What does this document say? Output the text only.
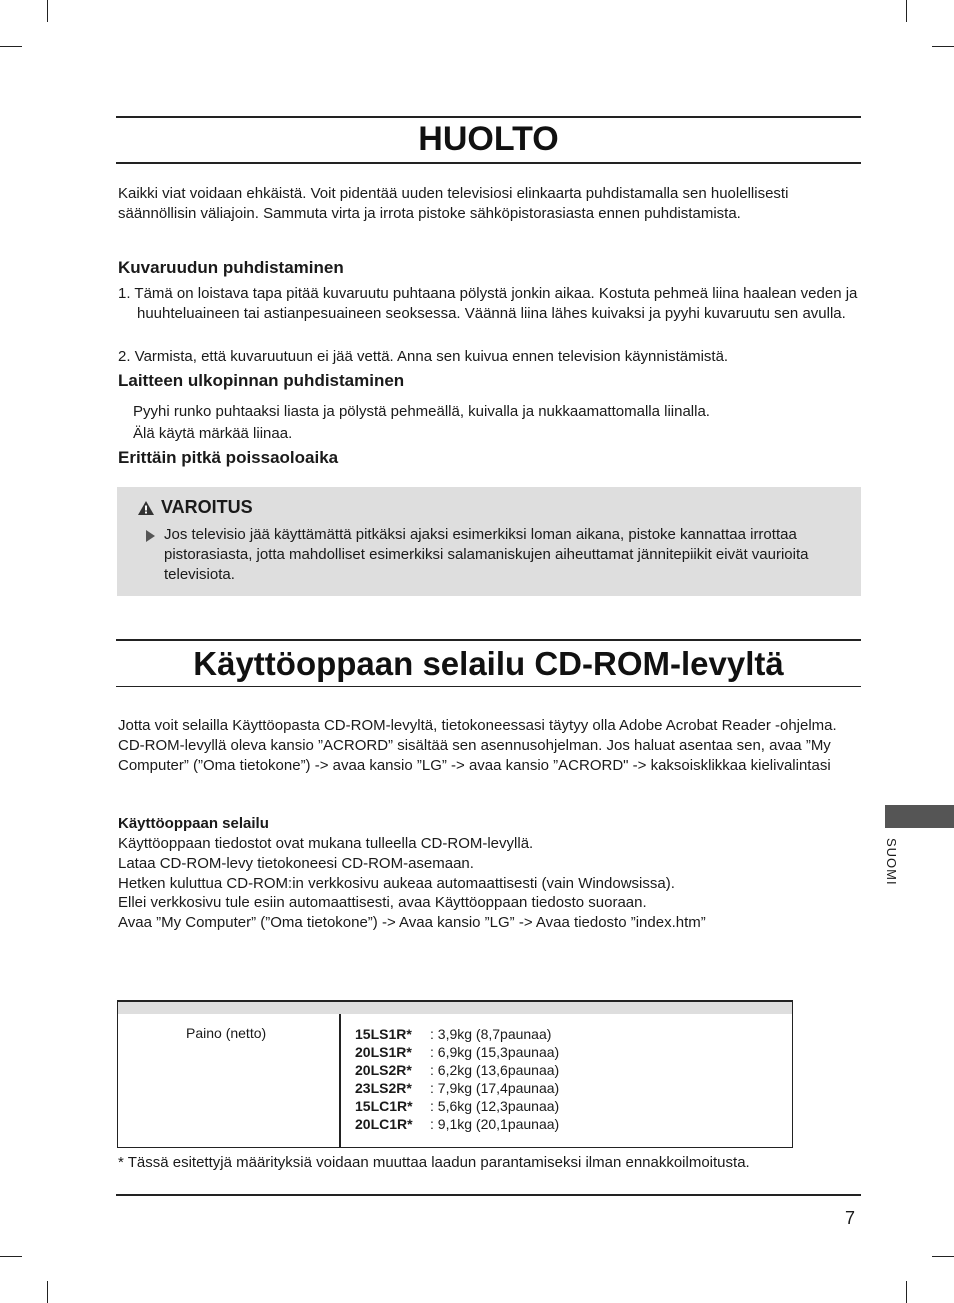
HUOLTO

Kaikki viat voidaan ehkäistä. Voit pidentää uuden televisiosi elinkaarta puhdistamalla sen huolellisesti säännöllisin väliajoin. Sammuta virta ja irrota pistoke sähköpistorasiasta ennen puhdistamista.

Kuvaruudun puhdistaminen

1. Tämä on loistava tapa pitää kuvaruutu puhtaana pölystä jonkin aikaa. Kostuta pehmeä liina haalean veden ja huuhteluaineen tai astianpesuaineen seoksessa. Väännä liina lähes kuivaksi ja pyyhi kuvaruutu sen avulla.

2. Varmista, että kuvaruutuun ei jää vettä. Anna sen kuivua ennen television käynnistämistä.

Laitteen ulkopinnan puhdistaminen

Pyyhi runko puhtaaksi liasta ja pölystä pehmeällä, kuivalla ja nukkaamattomalla liinalla.

Älä käytä märkää liinaa.

Erittäin pitkä poissaoloaika
VAROITUS

Jos televisio jää käyttämättä pitkäksi ajaksi esimerkiksi loman aikana, pistoke kannattaa irrottaa pistorasiasta, jotta mahdolliset esimerkiksi salamaniskujen aiheuttamat jännitepiikit eivät vaurioita televisiota.

Käyttöoppaan selailu CD-ROM-levyltä

Jotta voit selailla Käyttöopasta CD-ROM-levyltä, tietokoneessasi täytyy olla Adobe Acrobat Reader -ohjelma. CD-ROM-levyllä oleva kansio ”ACRORD” sisältää sen asennusohjelman. Jos haluat asentaa sen, avaa ”My Computer” (”Oma tietokone”) -> avaa kansio ”LG” -> avaa kansio ”ACRORD" -> kaksoisklikkaa kielivalintasi

Käyttöoppaan selailu

Käyttöoppaan tiedostot ovat mukana tulleella CD-ROM-levyllä.

Lataa CD-ROM-levy tietokoneesi CD-ROM-asemaan.

Hetken kuluttua CD-ROM:in verkkosivu aukeaa automaattisesti (vain Windowsissa).

Ellei verkkosivu tule esiin automaattisesti, avaa Käyttöoppaan tiedosto suoraan.

Avaa ”My Computer” (”Oma tietokone”) -> Avaa kansio ”LG” -> Avaa tiedosto ”index.htm”

Paino (netto)	15LS1R*	: 3,9kg (8,7paunaa)
20LS1R*	: 6,9kg (15,3paunaa)
20LS2R*	: 6,2kg (13,6paunaa)
23LS2R*	: 7,9kg (17,4paunaa)
15LC1R*	: 5,6kg (12,3paunaa)
20LC1R*	: 9,1kg (20,1paunaa)
* Tässä esitettyjä määrityksiä voidaan muuttaa laadun parantamiseksi ilman ennakkoilmoitusta.
7
SUOMI
